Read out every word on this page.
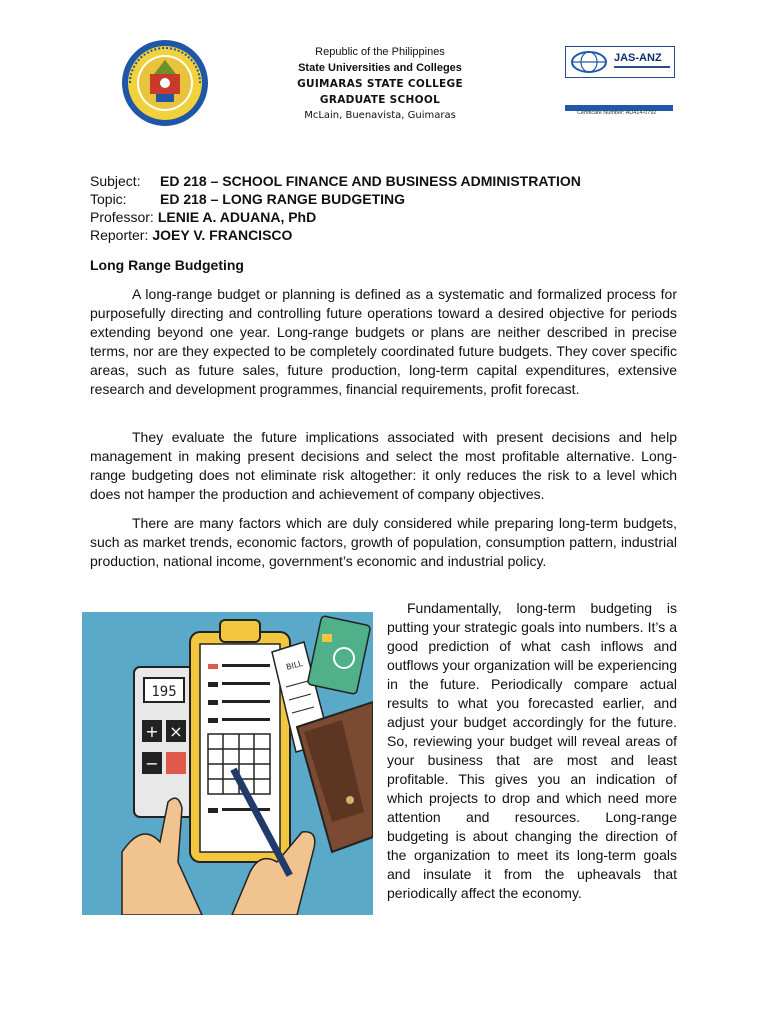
Republic of the Philippines
State Universities and Colleges
GUIMARAS STATE COLLEGE
GRADUATE SCHOOL
McLain, Buenavista, Guimaras
JAS-ANZ
Certificate Number: AU414-0792
Subject:	ED 218 – SCHOOL FINANCE AND BUSINESS ADMINISTRATION
Topic:	ED 218 – LONG RANGE BUDGETING
Professor: LENIE A. ADUANA, PhD
Reporter: JOEY V. FRANCISCO
Long Range Budgeting

A long-range budget or planning is defined as a systematic and formalized process for purposefully directing and controlling future operations toward a desired objective for periods extending beyond one year. Long-range budgets or plans are neither described in precise terms, nor are they expected to be completely coordinated future budgets. They cover specific areas, such as future sales, future production, long-term capital expenditures, extensive research and development programmes, financial requirements, profit forecast.

They evaluate the future implications associated with present decisions and help management in making present decisions and select the most profitable alternative. Long-range budgeting does not eliminate risk altogether: it only reduces the risk to a level which does not hamper the production and achievement of company objectives.

There are many factors which are duly considered while preparing long-term budgets, such as market trends, economic factors, growth of population, consumption pattern, industrial production, national income, government’s economic and industrial policy.

195
+ ×
−
BILL

Fundamentally, long-term budgeting is putting your strategic goals into numbers. It’s a good prediction of what cash inflows and outflows your organization will be experiencing in the future. Periodically compare actual results to what you forecasted earlier, and adjust your budget accordingly for the future. So, reviewing your budget will reveal areas of your business that are most and least profitable. This gives you an indication of which projects to drop and which need more attention and resources. Long-range budgeting is about changing the direction of the organization to meet its long-term goals and insulate it from the upheavals that periodically affect the economy.
